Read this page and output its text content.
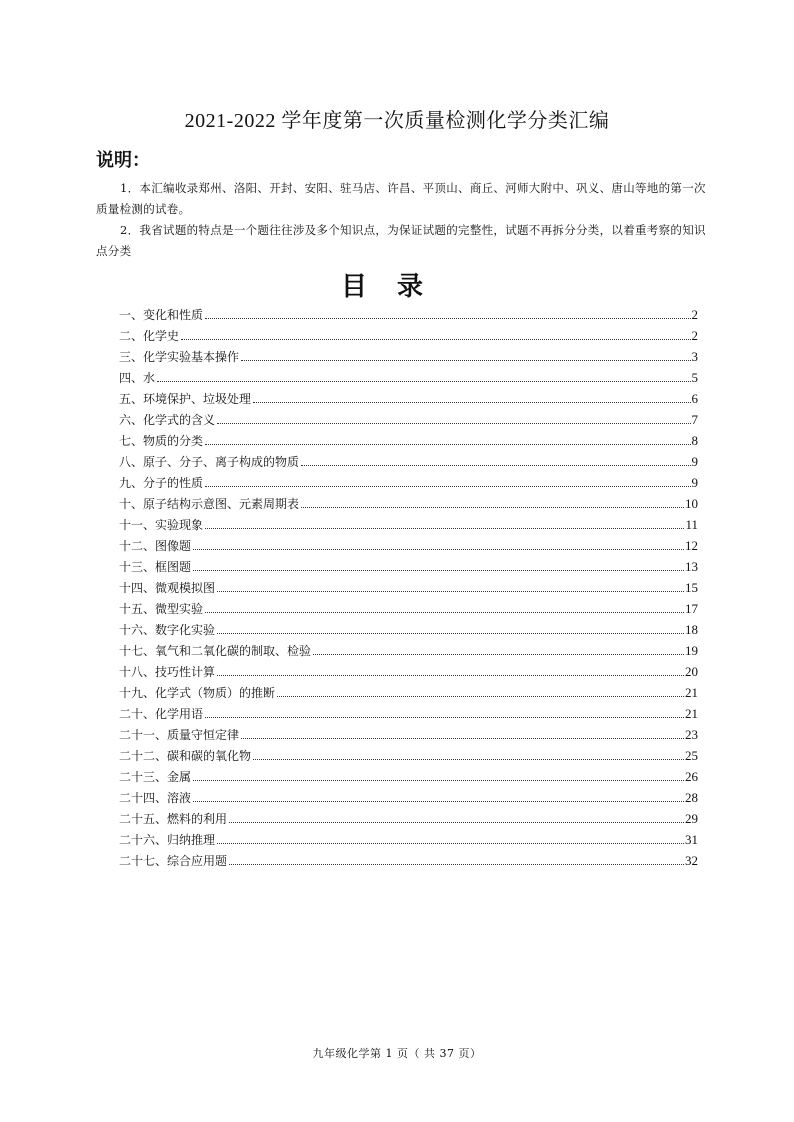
2021-2022 学年度第一次质量检测化学分类汇编
说明：
1．本汇编收录郑州、洛阳、开封、安阳、驻马店、许昌、平顶山、商丘、河师大附中、巩义、唐山等地的第一次质量检测的试卷。
2．我省试题的特点是一个题往往涉及多个知识点，为保证试题的完整性，试题不再拆分分类，以着重考察的知识点分类
目录
一、变化和性质	2
二、化学史	2
三、化学实验基本操作	3
四、水	5
五、环境保护、垃圾处理	6
六、化学式的含义	7
七、物质的分类	8
八、原子、分子、离子构成的物质	9
九、分子的性质	9
十、原子结构示意图、元素周期表	10
十一、实验现象	11
十二、图像题	12
十三、框图题	13
十四、微观模拟图	15
十五、微型实验	17
十六、数字化实验	18
十七、氧气和二氧化碳的制取、检验	19
十八、技巧性计算	20
十九、化学式（物质）的推断	21
二十、化学用语	21
二十一、质量守恒定律	23
二十二、碳和碳的氧化物	25
二十三、金属	26
二十四、溶液	28
二十五、燃料的利用	29
二十六、归纳推理	31
二十七、综合应用题	32
九年级化学第 1 页（ 共 37 页）
